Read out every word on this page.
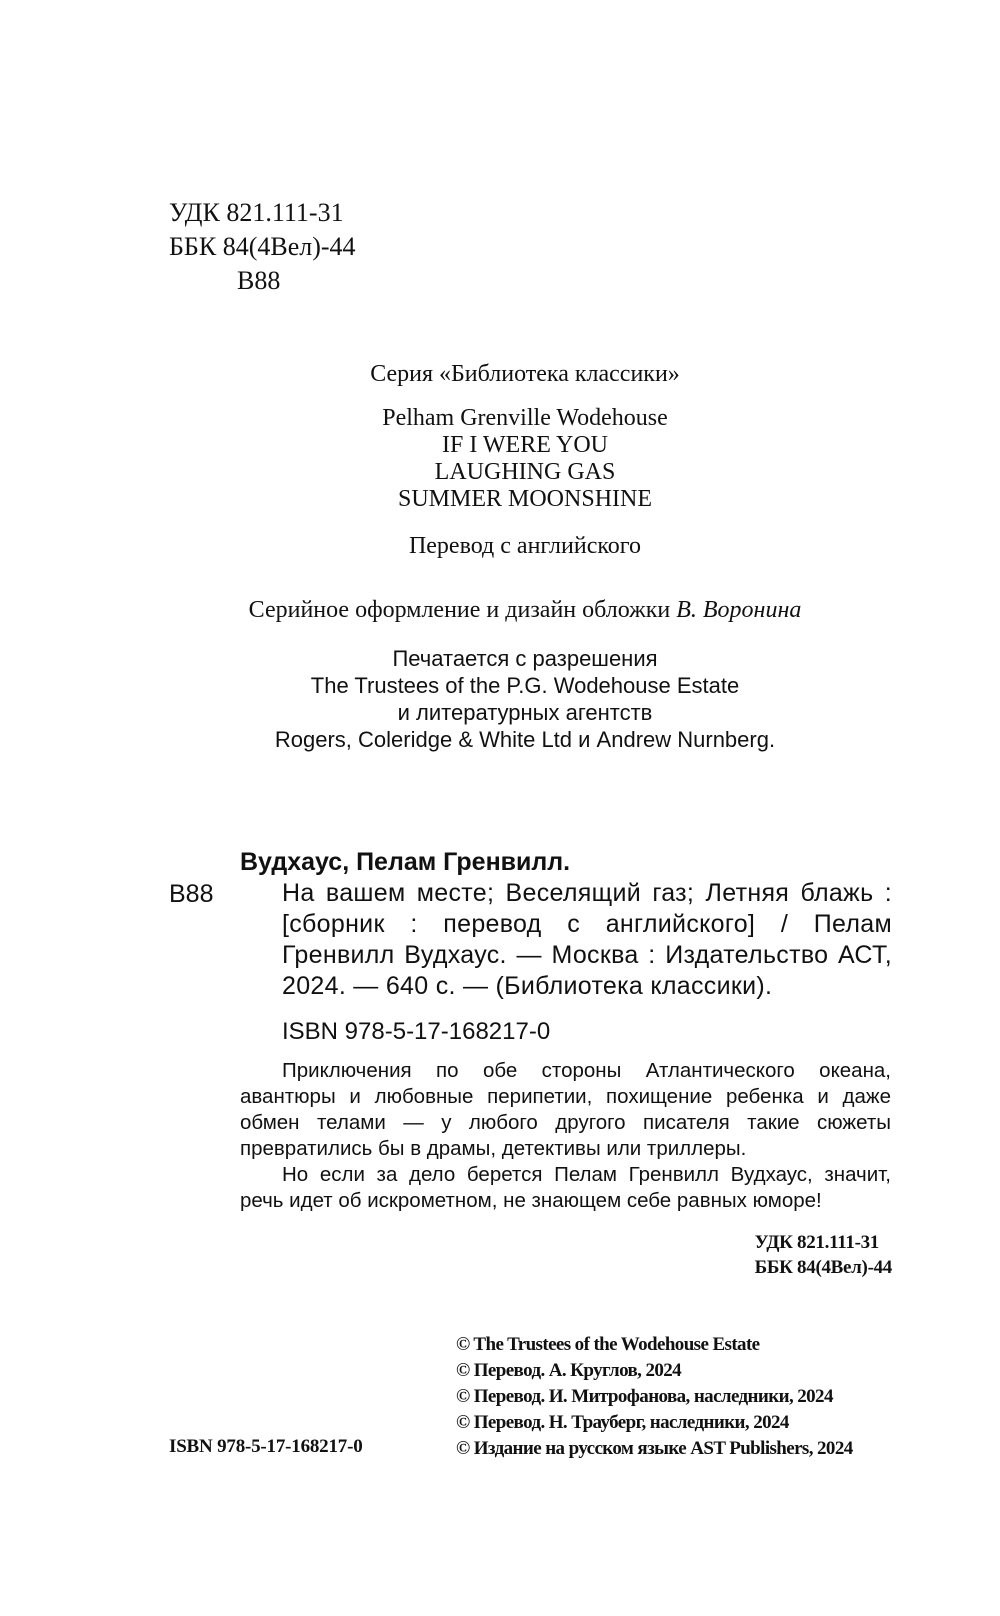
УДК 821.111-31
ББК 84(4Вел)-44
В88
Серия «Библиотека классики»
Pelham Grenville Wodehouse
IF I WERE YOU
LAUGHING GAS
SUMMER MOONSHINE
Перевод с английского
Серийное оформление и дизайн обложки В. Воронина
Печатается с разрешения
The Trustees of the P.G. Wodehouse Estate
и литературных агентств
Rogers, Coleridge & White Ltd и Andrew Nurnberg.
Вудхаус, Пелам Гренвилл.
В88	На вашем месте; Веселящий газ; Летняя блажь : [сборник : перевод с английского] / Пелам Гренвилл Вудхаус. — Москва : Издательство АСТ, 2024. — 640 с. — (Библиотека классики).
ISBN 978-5-17-168217-0

Приключения по обе стороны Атлантического океана, авантюры и любовные перипетии, похищение ребенка и даже обмен телами — у любого другого писателя такие сюжеты превратились бы в драмы, детективы или триллеры.

Но если за дело берется Пелам Гренвилл Вудхаус, значит, речь идет об искрометном, не знающем себе равных юморе!

УДК 821.111-31
ББК 84(4Вел)-44
© The Trustees of the Wodehouse Estate
© Перевод. А. Круглов, 2024
© Перевод. И. Митрофанова, наследники, 2024
© Перевод. Н. Трауберг, наследники, 2024
© Издание на русском языке AST Publishers, 2024
ISBN 978-5-17-168217-0
